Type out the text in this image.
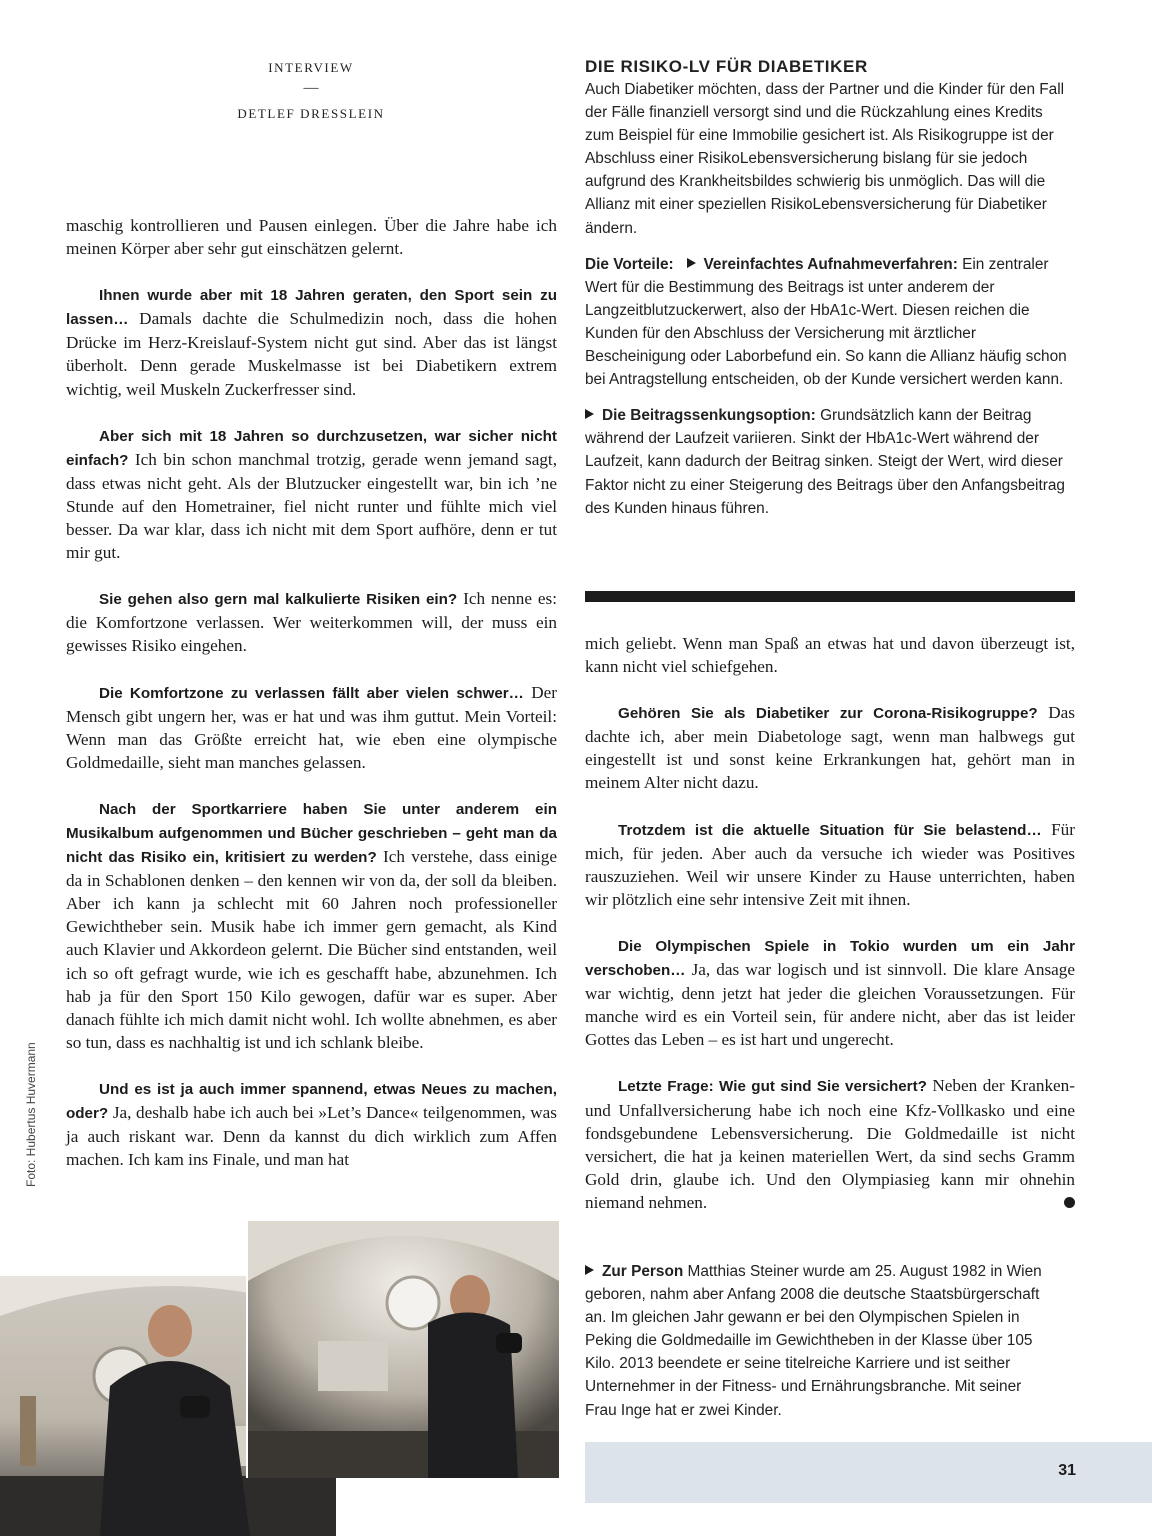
INTERVIEW
—
DETLEF DRESSLEIN

maschig kontrollieren und Pausen einlegen. Über die Jahre habe ich meinen Körper aber sehr gut einschätzen gelernt.

Ihnen wurde aber mit 18 Jahren geraten, den Sport sein zu lassen… Damals dachte die Schulmedizin noch, dass die hohen Drücke im Herz-Kreislauf-System nicht gut sind. Aber das ist längst überholt. Denn gerade Muskelmasse ist bei Diabetikern extrem wichtig, weil Muskeln Zuckerfresser sind.

Aber sich mit 18 Jahren so durchzusetzen, war sicher nicht einfach? Ich bin schon manchmal trotzig, gerade wenn jemand sagt, dass etwas nicht geht. Als der Blutzucker eingestellt war, bin ich ’ne Stunde auf den Hometrainer, fiel nicht runter und fühlte mich viel besser. Da war klar, dass ich nicht mit dem Sport aufhöre, denn er tut mir gut.

Sie gehen also gern mal kalkulierte Risiken ein? Ich nenne es: die Komfortzone verlassen. Wer weiterkommen will, der muss ein gewisses Risiko eingehen.

Die Komfortzone zu verlassen fällt aber vielen schwer… Der Mensch gibt ungern her, was er hat und was ihm guttut. Mein Vorteil: Wenn man das Größte erreicht hat, wie eben eine olympische Goldmedaille, sieht man manches gelassen.

Nach der Sportkarriere haben Sie unter anderem ein Musikalbum aufgenommen und Bücher geschrieben – geht man da nicht das Risiko ein, kritisiert zu werden? Ich verstehe, dass einige da in Schablonen denken – den kennen wir von da, der soll da bleiben. Aber ich kann ja schlecht mit 60 Jahren noch professioneller Gewichtheber sein. Musik habe ich immer gern gemacht, als Kind auch Klavier und Akkordeon gelernt. Die Bücher sind entstanden, weil ich so oft gefragt wurde, wie ich es geschafft habe, abzunehmen. Ich hab ja für den Sport 150 Kilo gewogen, dafür war es super. Aber danach fühlte ich mich damit nicht wohl. Ich wollte abnehmen, es aber so tun, dass es nachhaltig ist und ich schlank bleibe.

Und es ist ja auch immer spannend, etwas Neues zu machen, oder? Ja, deshalb habe ich auch bei »Let’s Dance« teilgenommen, was ja auch riskant war. Denn da kannst du dich wirklich zum Affen machen. Ich kam ins Finale, und man hat

DIE RISIKO-LV FÜR DIABETIKER

Auch Diabetiker möchten, dass der Partner und die Kinder für den Fall der Fälle finanziell versorgt sind und die Rückzahlung eines Kredits zum Beispiel für eine Immobilie gesichert ist. Als Risikogruppe ist der Abschluss einer RisikoLebensversicherung bislang für sie jedoch aufgrund des Krankheitsbildes schwierig bis unmöglich. Das will die Allianz mit einer speziellen RisikoLebensversicherung für Diabetiker ändern.

Die Vorteile: Vereinfachtes Aufnahmeverfahren: Ein zentraler Wert für die Bestimmung des Beitrags ist unter anderem der Langzeitblutzuckerwert, also der HbA1c-Wert. Diesen reichen die Kunden für den Abschluss der Versicherung mit ärztlicher Bescheinigung oder Laborbefund ein. So kann die Allianz häufig schon bei Antragstellung entscheiden, ob der Kunde versichert werden kann.

Die Beitragssenkungsoption: Grundsätzlich kann der Beitrag während der Laufzeit variieren. Sinkt der HbA1c-Wert während der Laufzeit, kann dadurch der Beitrag sinken. Steigt der Wert, wird dieser Faktor nicht zu einer Steigerung des Beitrags über den Anfangsbeitrag des Kunden hinaus führen.

mich geliebt. Wenn man Spaß an etwas hat und davon überzeugt ist, kann nicht viel schiefgehen.

Gehören Sie als Diabetiker zur Corona-Risikogruppe? Das dachte ich, aber mein Diabetologe sagt, wenn man halbwegs gut eingestellt ist und sonst keine Erkrankungen hat, gehört man in meinem Alter nicht dazu.

Trotzdem ist die aktuelle Situation für Sie belastend… Für mich, für jeden. Aber auch da versuche ich wieder was Positives rauszuziehen. Weil wir unsere Kinder zu Hause unterrichten, haben wir plötzlich eine sehr intensive Zeit mit ihnen.

Die Olympischen Spiele in Tokio wurden um ein Jahr verschoben… Ja, das war logisch und ist sinnvoll. Die klare Ansage war wichtig, denn jetzt hat jeder die gleichen Voraussetzungen. Für manche wird es ein Vorteil sein, für andere nicht, aber das ist leider Gottes das Leben – es ist hart und ungerecht.

Letzte Frage: Wie gut sind Sie versichert? Neben der Kranken- und Unfallversicherung habe ich noch eine Kfz-Vollkasko und eine fondsgebundene Lebensversicherung. Die Goldmedaille ist nicht versichert, die hat ja keinen materiellen Wert, da sind sechs Gramm Gold drin, glaube ich. Und den Olympiasieg kann mir ohnehin niemand nehmen.

Zur Person Matthias Steiner wurde am 25. August 1982 in Wien geboren, nahm aber Anfang 2008 die deutsche Staatsbürgerschaft an. Im gleichen Jahr gewann er bei den Olympischen Spielen in Peking die Goldmedaille im Gewichtheben in der Klasse über 105 Kilo. 2013 beendete er seine titelreiche Karriere und ist seither Unternehmer in der Fitness- und Ernährungsbranche. Mit seiner Frau Inge hat er zwei Kinder.
31
Foto: Hubertus Huvermann
